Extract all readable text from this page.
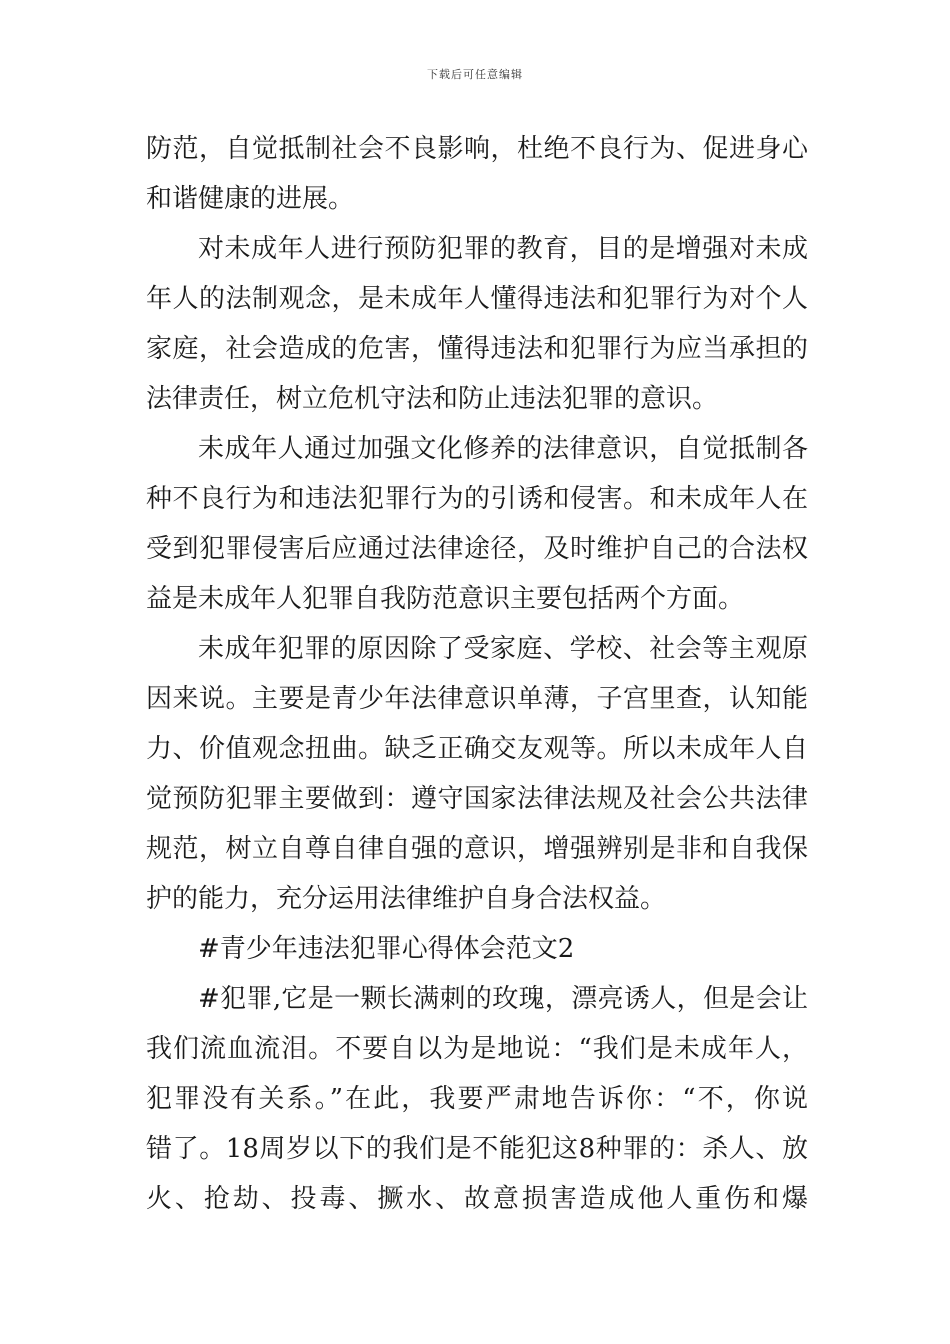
下载后可任意编辑
防范，自觉抵制社会不良影响，杜绝不良行为、促进身心
和谐健康的进展。
对未成年人进行预防犯罪的教育，目的是增强对未成
年人的法制观念，是未成年人懂得违法和犯罪行为对个人
家庭，社会造成的危害，懂得违法和犯罪行为应当承担的
法律责任，树立危机守法和防止违法犯罪的意识。
未成年人通过加强文化修养的法律意识，自觉抵制各
种不良行为和违法犯罪行为的引诱和侵害。和未成年人在
受到犯罪侵害后应通过法律途径，及时维护自己的合法权
益是未成年人犯罪自我防范意识主要包括两个方面。
未成年犯罪的原因除了受家庭、学校、社会等主观原
因来说。主要是青少年法律意识单薄，子宫里查，认知能
力、价值观念扭曲。缺乏正确交友观等。所以未成年人自
觉预防犯罪主要做到：遵守国家法律法规及社会公共法律
规范，树立自尊自律自强的意识，增强辨别是非和自我保
护的能力，充分运用法律维护自身合法权益。
#青少年违法犯罪心得体会范文2
#犯罪,它是一颗长满刺的玫瑰，漂亮诱人，但是会让
我们流血流泪。不要自以为是地说：“我们是未成年人，
犯罪没有关系。”在此，我要严肃地告诉你：“不，你说
错了。18周岁以下的我们是不能犯这8种罪的：杀人、放
火、抢劫、投毒、撅水、故意损害造成他人重伤和爆
